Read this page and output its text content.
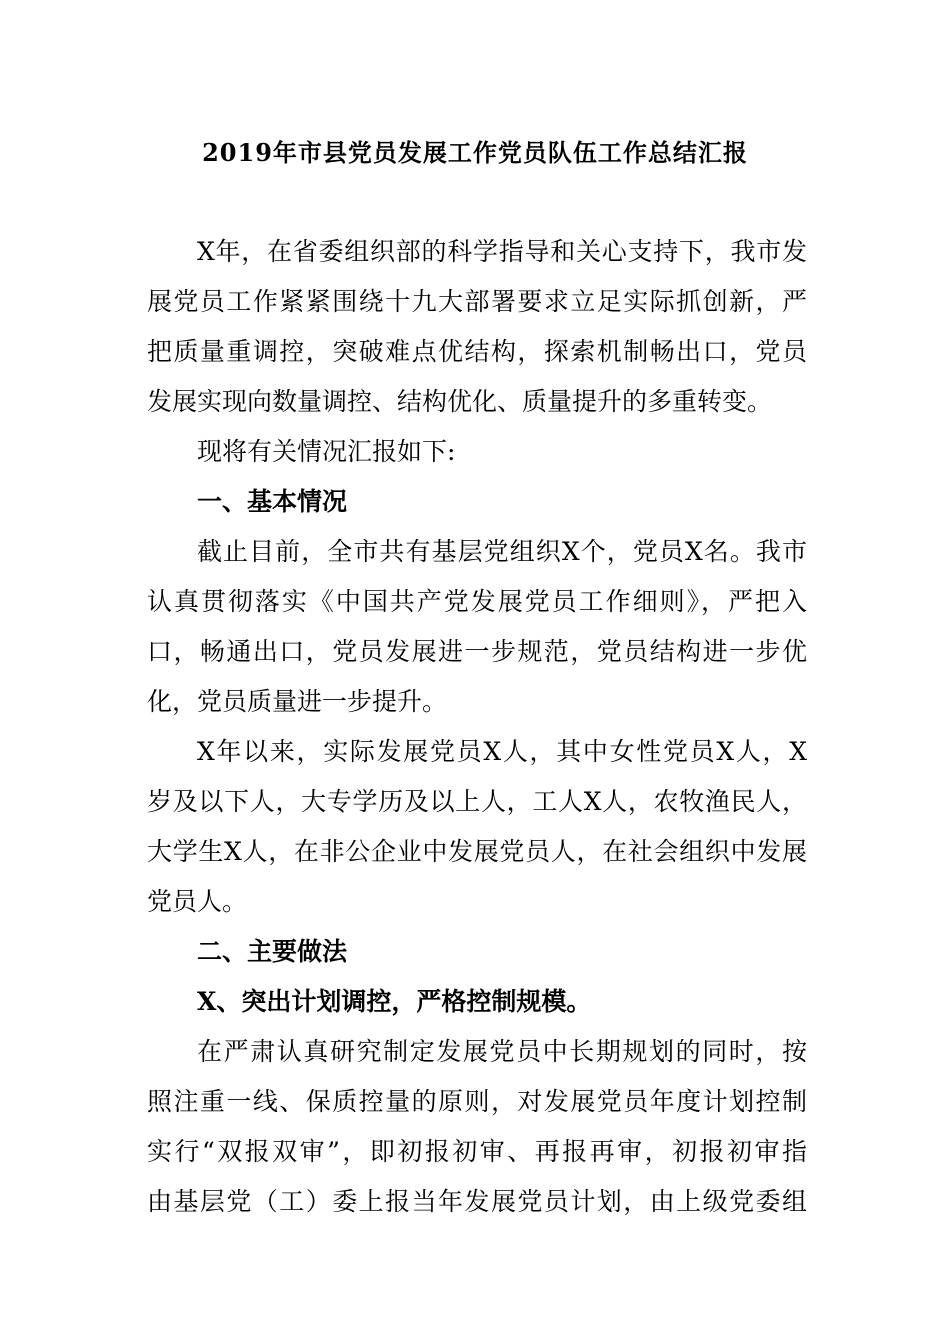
2019年市县党员发展工作党员队伍工作总结汇报
X年，在省委组织部的科学指导和关心支持下，我市发
展党员工作紧紧围绕十九大部署要求立足实际抓创新，严
把质量重调控，突破难点优结构，探索机制畅出口，党员
发展实现向数量调控、结构优化、质量提升的多重转变。
现将有关情况汇报如下:
一、基本情况
截止目前，全市共有基层党组织X个，党员X名。我市
认真贯彻落实《中国共产党发展党员工作细则》，严把入
口，畅通出口，党员发展进一步规范，党员结构进一步优
化，党员质量进一步提升。
X年以来，实际发展党员X人，其中女性党员X人，X
岁及以下人，大专学历及以上人，工人X人，农牧渔民人，
大学生X人，在非公企业中发展党员人，在社会组织中发展
党员人。
二、主要做法
X、突出计划调控，严格控制规模。
在严肃认真研究制定发展党员中长期规划的同时，按
照注重一线、保质控量的原则，对发展党员年度计划控制
实行“双报双审”，即初报初审、再报再审，初报初审指
由基层党（工）委上报当年发展党员计划，由上级党委组
